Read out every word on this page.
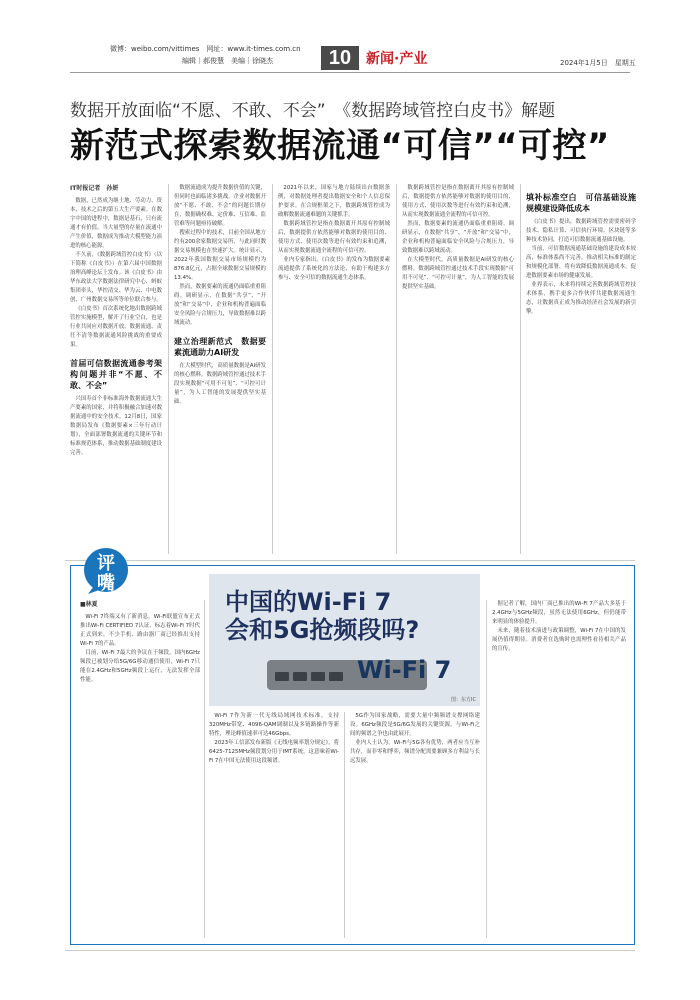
微博：weibo.com/vittimes　网址：www.it-times.com.cn
编辑｜郝俊慧　美编｜徐晓杰	10	新闻·产业	2024年1月5日　星期五
数据开放面临“不愿、不敢、不会”　《数据跨域管控白皮书》解题
新范式探索数据流通“可信”“可控”

IT时报记者　孙妍

数据，已然成为继土地、劳动力、资本、技术之后的第五大生产要素。在数字中国的进程中，数据是基石，只有流通才有价值。当大量型的存量在流通中产生价值，数据成为推动大模型能力演进的核心能源。

不久前，《数据跨域管控白皮书》（以下简称《白皮书》）在第六届中国数据治理高峰论坛上发布。该《白皮书》由华东政法大学数据法律研究中心、蚂蚁集团牵头，华控清交、华为云、中电数创、广州数据交易所等单位联合参与。

《白皮书》首次系统化地出数据跨域管控实施模型，解开了行业空白，也是行业共同应对数据开放、数据流通、责任不清等数据流通风险挑战的重要成果。

首届可信数据流通参考架构问题并非“不愿、不敢、不会”

兴国寿首个非标准海外数据流通大生产要素的国家，并将积极融合加速对数据流通中的安全技术。12月8日，国家数据局发布《数据要素×三年行动计划》，全面部署数据流通的关键环节和标准规范体系，推动数据基础制度建设完善。

数据流通成为提升数据价值的关键，但同时也面临诸多挑战。企业对数据开放“不愿、不敢、不会”的问题长期存在，数据确权难、定价难、互信难、监管难等问题亟待破解。

搜索过程中的技术，目前全国从地方约有200余家数据交易所，与此同时数据交易规模也在快速扩大。统计显示，2022年我国数据交易市场规模约为876.8亿元，占据全球数据交易规模的13.4%。

然而，数据要素的流通仍面临重重阻碍。调研显示，在数据“共享”、“开放”和“交易”中，企业和机构普遍面临安全风险与合规压力，导致数据难以跨域流动。

建立治理新范式　数据要素流通助力AI研发

在大模型时代，高质量数据是AI研发的核心燃料。数据跨域管控通过技术手段实现数据“可用不可见”、“可控可计量”，为人工智能的发展提供坚实基础。

2021年以来，国家与地方陆续出台数据条例，对数据处理者提出数据安全和个人信息保护要求。在合规框架之下，数据跨域管控成为破解数据流通难题的关键抓手。

数据跨域管控是指在数据离开其原有控制域后，数据提供方依然能够对数据的使用目的、使用方式、使用次数等进行有效约束和追溯，从而实现数据流通全流程的可信可控。

业内专家指出，《白皮书》的发布为数据要素流通提供了系统化的方法论，有助于构建多方参与、安全可信的数据流通生态体系。

数据跨域管控是指在数据离开其原有控制域后，数据提供方依然能够对数据的使用目的、使用方式、使用次数等进行有效约束和追溯，从而实现数据流通全流程的可信可控。

然而，数据要素的流通仍面临重重阻碍。调研显示，在数据“共享”、“开放”和“交易”中，企业和机构普遍面临安全风险与合规压力，导致数据难以跨域流动。

在大模型时代，高质量数据是AI研发的核心燃料。数据跨域管控通过技术手段实现数据“可用不可见”、“可控可计量”，为人工智能的发展提供坚实基础。

填补标准空白　可信基础设施规模建设降低成本

《白皮书》提出，数据跨域管控需要密码学技术、隐私计算、可信执行环境、区块链等多种技术协同，打造可信数据流通基础设施。

当前，可信数据流通基础设施的建设成本较高，标准体系尚不完善。推动相关标准的制定和规模化部署，将有效降低数据流通成本，促进数据要素市场的健康发展。

业界表示，未来将持续完善数据跨域管控技术体系，携手更多合作伙伴共建数据流通生态，让数据真正成为推动经济社会发展的新引擎。

评
嘴

■林夏

Wi-Fi 7终端又有了新消息。Wi-Fi联盟宣布正式推出Wi-Fi CERTIFIED 7认证，标志着Wi-Fi 7时代正式到来。不少手机、路由器厂商已经推出支持Wi-Fi 7的产品。

目前，Wi-Fi 7最大的争议在于频段。国内6GHz频段已被划分给5G/6G移动通信使用，Wi-Fi 7只能在2.4GHz和5GHz频段上运行，无法发挥全部性能。

中国的Wi-Fi 7
会和5G抢频段吗?
Wi-Fi 7
图：东方IC

Wi-Fi 7作为新一代无线局域网技术标准，支持320MHz带宽、4096-QAM调制以及多链路操作等新特性，理论峰值速率可达46Gbps。

2023年工信部发布新版《无线电频率划分规定》，将6425-7125MHz频段划分用于IMT系统，这意味着Wi-Fi 7在中国无法使用这段频谱。

5G作为国家战略，需要大量中频频谱支撑网络建设。6GHz频段是5G/6G发展的关键资源，与Wi-Fi之间的频谱之争也由此展开。

业内人士认为，Wi-Fi与5G各有优势，两者应当互补共存，而非零和博弈，频谱分配需要兼顾多方利益与长远发展。

据记者了解，国内厂商已推出的Wi-Fi 7产品大多基于2.4GHz与5GHz频段，虽然无法使用6GHz，但仍能带来明显的体验提升。

未来，随着技术演进与政策调整，Wi-Fi 7在中国的发展仍值得期待。消费者在选购时也需理性看待相关产品的宣传。
